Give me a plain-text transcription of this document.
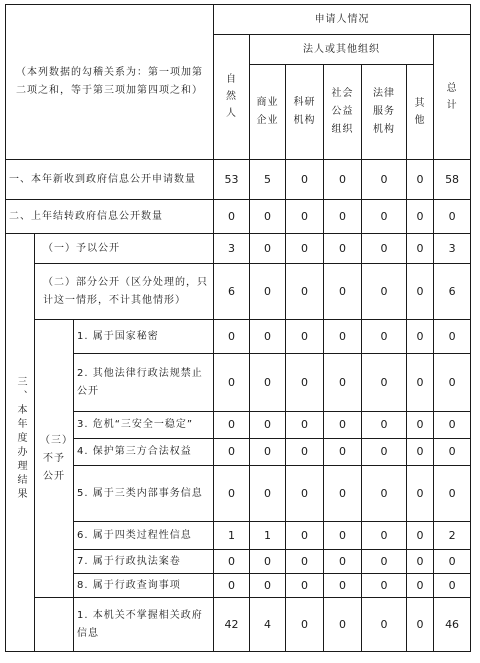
（本列数据的勾稽关系为：第一项加第二项之和，等于第三项加第四项之和）			申请人情况						
			自然人	法人或其他组织					总计
				商业企业	科研机构	社会公益组织	法律服务机构	其他	
一、本年新收到政府信息公开申请数量			53	5	0	0	0	0	58
二、上年结转政府信息公开数量			0	0	0	0	0	0	0
三、本年度办理结果	（一）予以公开		3	0	0	0	0	0	3
	（二）部分公开（区分处理的，只计这一情形，不计其他情形）		6	0	0	0	0	0	6
	（三）不予公开	1. 属于国家秘密	0	0	0	0	0	0	0
		2. 其他法律行政法规禁止公开	0	0	0	0	0	0	0
		3. 危机“三安全一稳定”	0	0	0	0	0	0	0
		4. 保护第三方合法权益	0	0	0	0	0	0	0
		5. 属于三类内部事务信息	0	0	0	0	0	0	0
		6. 属于四类过程性信息	1	1	0	0	0	0	2
		7. 属于行政执法案卷	0	0	0	0	0	0	0
		8. 属于行政查询事项	0	0	0	0	0	0	0
		1. 本机关不掌握相关政府信息	42	4	0	0	0	0	46
